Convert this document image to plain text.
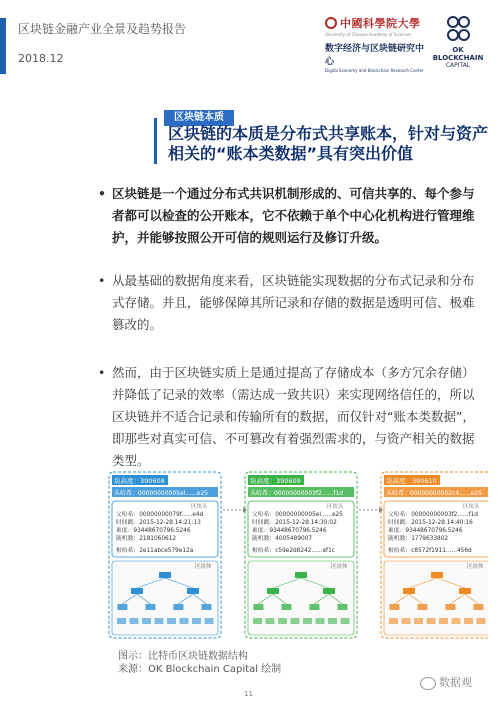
区块链金融产业全景及趋势报告
2018.12
中國科學院大學
University of Chinese Academy of Sciences
数字经济与区块链研究中心
Digital Economy and Blockchain Research Center
OK BLOCKCHAIN
CAPITAL
区块链本质
区块链的本质是分布式共享账本，针对与资产相关的“账本类数据”具有突出价值
• 区块链是一个通过分布式共识机制形成的、可信共享的、每个参与者都可以检查的公开账本，它不依赖于单个中心化机构进行管理维护，并能够按照公开可信的规则运行及修订升级。
• 从最基础的数据角度来看，区块链能实现数据的分布式记录和分布式存储。并且，能够保障其所记录和存储的数据是透明可信、极难篡改的。
• 然而，由于区块链实质上是通过提高了存储成本（多方冗余存储）并降低了记录的效率（需达成一致共识）来实现网络信任的，所以区块链并不适合记录和传输所有的数据，而仅针对“账本类数据”，即那些对真实可信、不可篡改有着强烈需求的，与资产相关的数据类型。
块高度：390608
头哈希：00000000005el......e25
区块头
父哈希：00000000079f......e4d
时间戳：2015-12-28 14:21:13
难度：93448670796.5246
随机数：2181060612
根哈希：2e11abce579e12a
区块体
块高度：390609
头哈希：00000000003f2......f1d
区块头
父哈希：00000000005el......e25
时间戳：2015-12-28 14:30:02
难度：93448670796.5246
随机数：4005489007
根哈希：c59e2d8242......ef1c
区块体
块高度：390610
头哈希：00000000002c4......e25
区块头
父哈希：00000000003f2......f1d
时间戳：2015-12-28 14:40:16
难度：93448670796.5246
随机数：1779633802
根哈希：c8572f1911......456d
区块体
图示：比特币区块链数据结构
来源：OK Blockchain Capital 绘制
11
数据观
